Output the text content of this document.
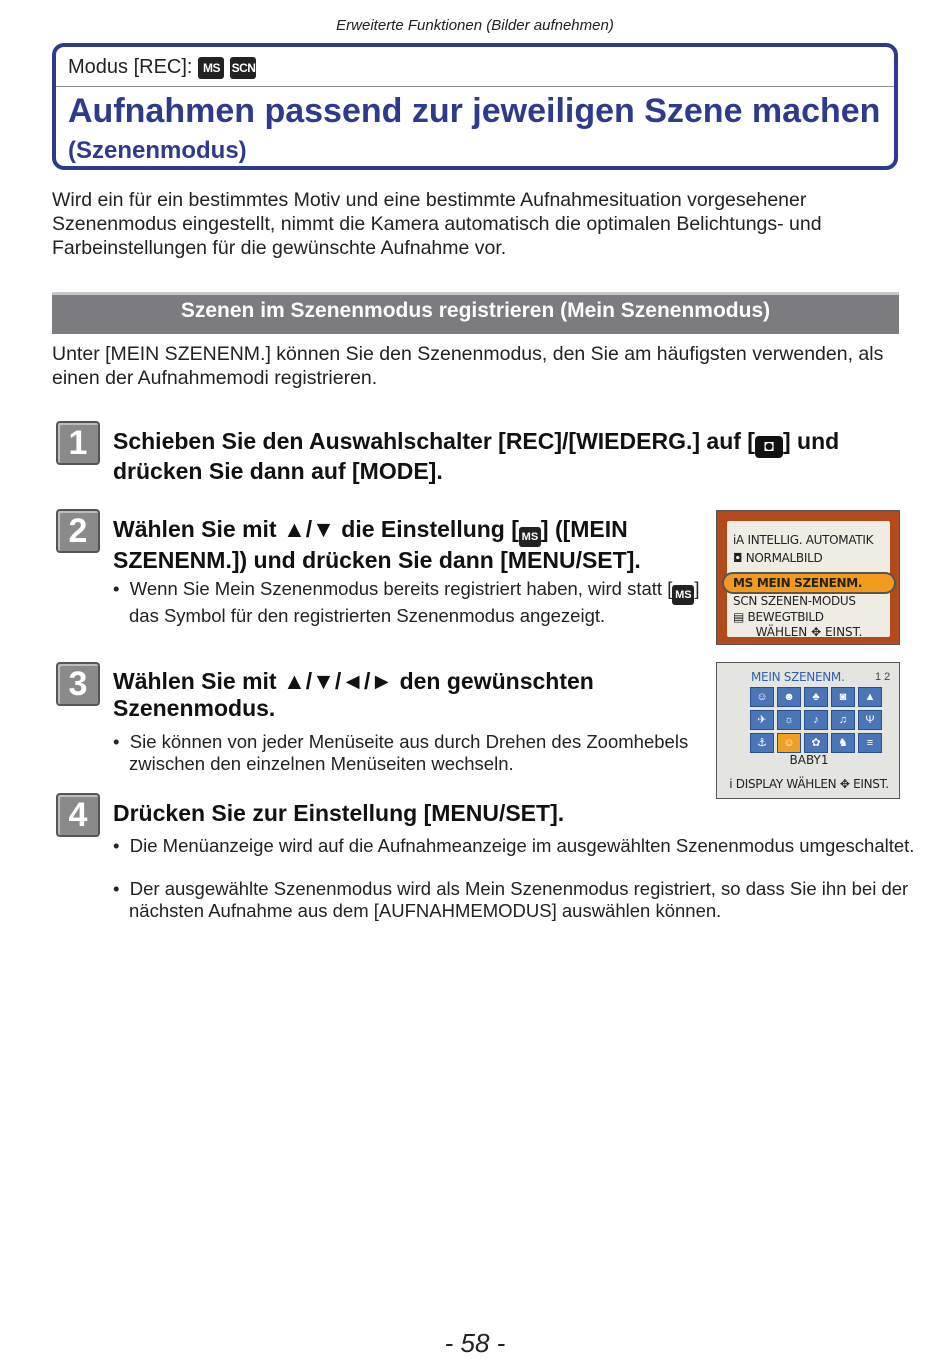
Erweiterte Funktionen (Bilder aufnehmen)
Modus [REC]: MS SCN
Aufnahmen passend zur jeweiligen Szene machen
(Szenenmodus)
Wird ein für ein bestimmtes Motiv und eine bestimmte Aufnahmesituation vorgesehener Szenenmodus eingestellt, nimmt die Kamera automatisch die optimalen Belichtungs- und Farbeinstellungen für die gewünschte Aufnahme vor.
Szenen im Szenenmodus registrieren (Mein Szenenmodus)
Unter [MEIN SZENENM.] können Sie den Szenenmodus, den Sie am häufigsten verwenden, als einen der Aufnahmemodi registrieren.
1	Schieben Sie den Auswahlschalter [REC]/[WIEDERG.] auf [ ◘ ] und drücken Sie dann auf [MODE].
2	Wählen Sie mit ▲/▼ die Einstellung [ MS ] ([MEIN SZENENM.]) und drücken Sie dann [MENU/SET].
•  Wenn Sie Mein Szenenmodus bereits registriert haben, wird statt [ MS ] das Symbol für den registrierten Szenenmodus angezeigt.
iA INTELLIG. AUTOMATIK
◘ NORMALBILD
MS MEIN SZENENM.
SCN SZENEN-MODUS
▤ BEWEGTBILD
WÄHLEN ✥ EINST.
3	Wählen Sie mit ▲/▼/◄/► den gewünschten Szenenmodus.
•  Sie können von jeder Menüseite aus durch Drehen des Zoomhebels zwischen den einzelnen Menüseiten wechseln.
MEIN SZENENM.	1 2
☺	☻	♣	◙	▲
✈	☼	♪	♫	Ψ
⚓	☺	✿	♞	≡
BABY1
i DISPLAY WÄHLEN ✥ EINST.
4	Drücken Sie zur Einstellung [MENU/SET].
•  Die Menüanzeige wird auf die Aufnahmeanzeige im ausgewählten Szenenmodus umgeschaltet.
•  Der ausgewählte Szenenmodus wird als Mein Szenenmodus registriert, so dass Sie ihn bei der nächsten Aufnahme aus dem [AUFNAHMEMODUS] auswählen können.
- 58 -
